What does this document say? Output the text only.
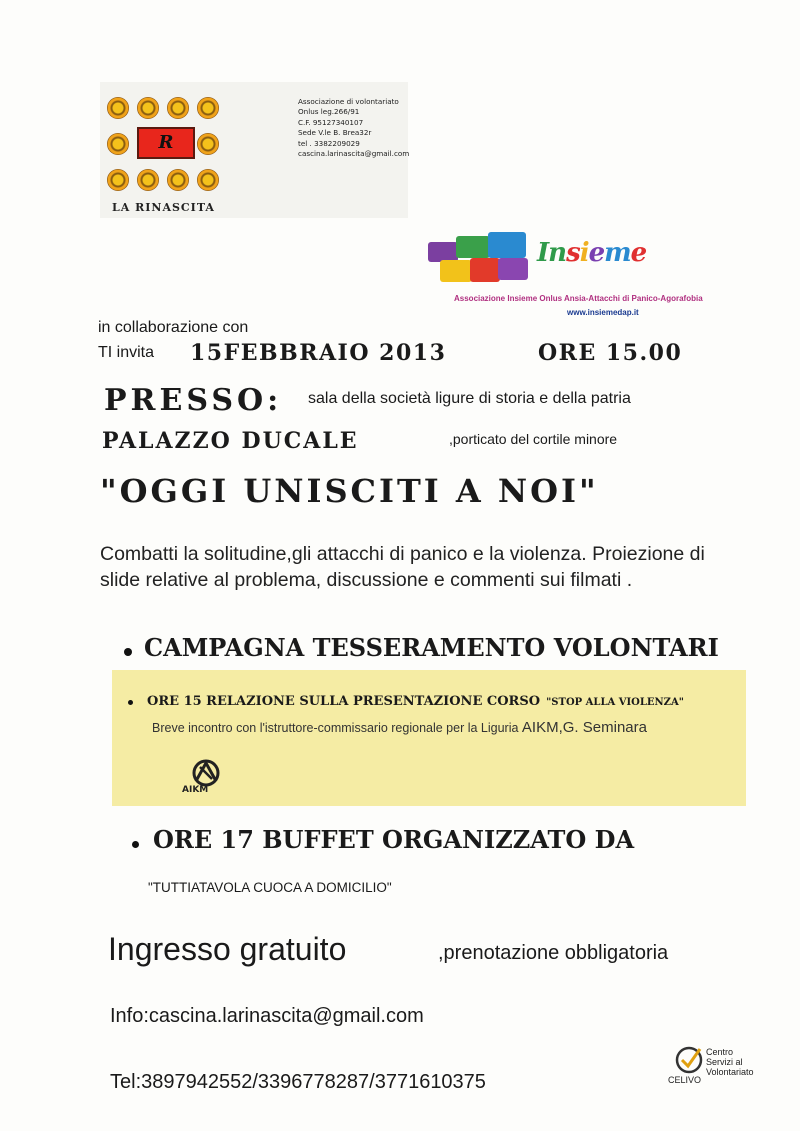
R
LA RINASCITA
Associazione di volontariato
Onlus leg.266/91
C.F. 95127340107
Sede V.le B. Brea32r
tel . 3382209029
cascina.larinascita@gmail.com
Insieme
Associazione Insieme Onlus Ansia-Attacchi di Panico-Agorafobia
www.insiemedap.it
in collaborazione con
TI invita 15FEBBRAIO 2013	ORE 15.00
PRESSO: sala della società ligure di storia e della patria
PALAZZO DUCALE	,porticato del cortile minore
"OGGI UNISCITI A NOI"
Combatti la solitudine,gli attacchi di panico e la violenza. Proiezione di slide relative al problema, discussione e commenti sui filmati .
CAMPAGNA TESSERAMENTO VOLONTARI
ORE 15 RELAZIONE SULLA PRESENTAZIONE CORSO "STOP ALLA VIOLENZA"
Breve incontro con l'istruttore-commissario regionale per la Liguria AIKM,G. Seminara
AIKM
ORE 17 BUFFET ORGANIZZATO DA
"TUTTIATAVOLA CUOCA A DOMICILIO"
Ingresso gratuito	,prenotazione obbligatoria
Info:cascina.larinascita@gmail.com
Tel:3897942552/3396778287/3771610375
Centro
Servizi al
Volontariato
CELIVO
